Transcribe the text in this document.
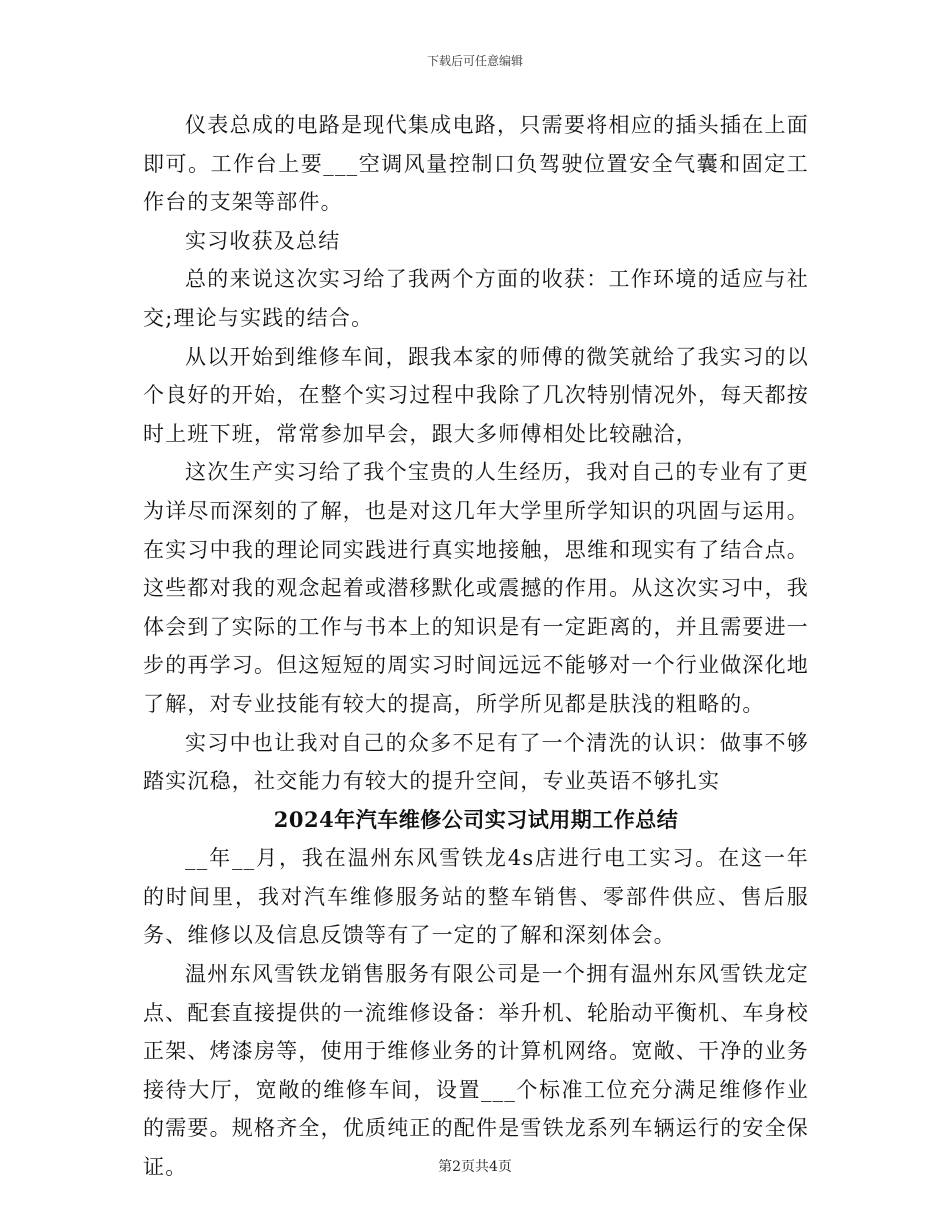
下载后可任意编辑

仪表总成的电路是现代集成电路，只需要将相应的插头插在上面即可。工作台上要___空调风量控制口负驾驶位置安全气囊和固定工作台的支架等部件。

实习收获及总结

总的来说这次实习给了我两个方面的收获：工作环境的适应与社交;理论与实践的结合。

从以开始到维修车间，跟我本家的师傅的微笑就给了我实习的以个良好的开始，在整个实习过程中我除了几次特别情况外，每天都按时上班下班，常常参加早会，跟大多师傅相处比较融洽，

这次生产实习给了我个宝贵的人生经历，我对自己的专业有了更为详尽而深刻的了解，也是对这几年大学里所学知识的巩固与运用。在实习中我的理论同实践进行真实地接触，思维和现实有了结合点。这些都对我的观念起着或潜移默化或震撼的作用。从这次实习中，我体会到了实际的工作与书本上的知识是有一定距离的，并且需要进一步的再学习。但这短短的周实习时间远远不能够对一个行业做深化地了解，对专业技能有较大的提高，所学所见都是肤浅的粗略的。

实习中也让我对自己的众多不足有了一个清洗的认识：做事不够踏实沉稳，社交能力有较大的提升空间，专业英语不够扎实

2024年汽车维修公司实习试用期工作总结

__年__月，我在温州东风雪铁龙4s店进行电工实习。在这一年的时间里，我对汽车维修服务站的整车销售、零部件供应、售后服务、维修以及信息反馈等有了一定的了解和深刻体会。

温州东风雪铁龙销售服务有限公司是一个拥有温州东风雪铁龙定点、配套直接提供的一流维修设备：举升机、轮胎动平衡机、车身校正架、烤漆房等，使用于维修业务的计算机网络。宽敞、干净的业务接待大厅，宽敞的维修车间，设置___个标准工位充分满足维修作业的需要。规格齐全，优质纯正的配件是雪铁龙系列车辆运行的安全保证。	第2页共4页
